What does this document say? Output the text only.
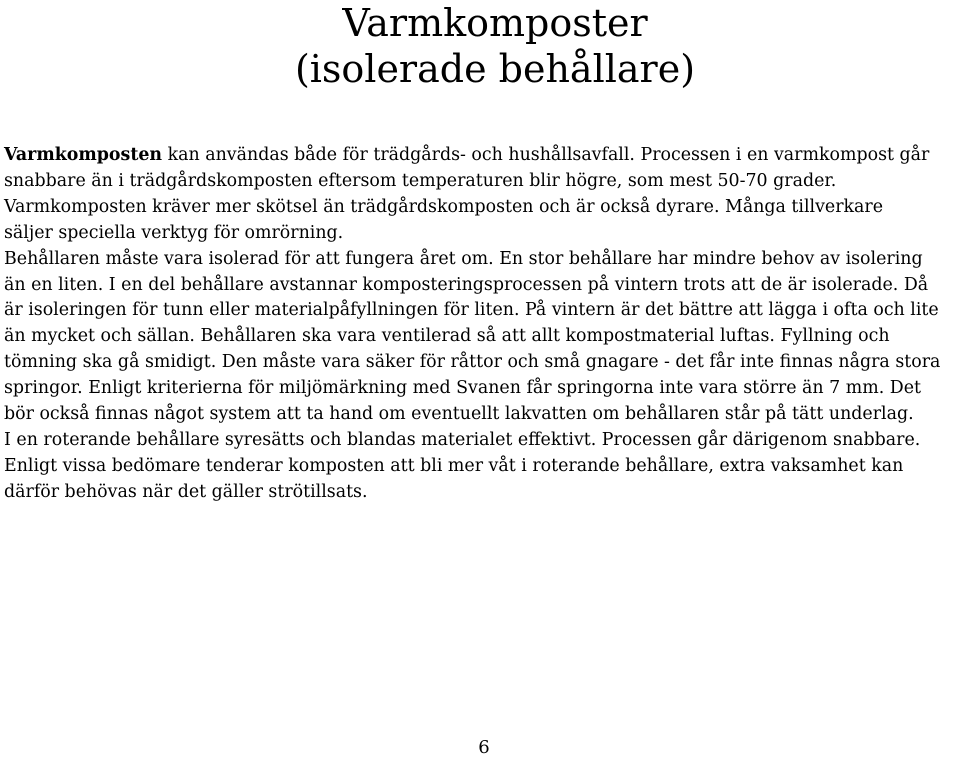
Varmkomposter
(isolerade behållare)
Varmkomposten kan användas både för trädgårds- och hushållsavfall. Processen i en varmkompost går
snabbare än i trädgårdskomposten eftersom temperaturen blir högre, som mest 50-70 grader.
Varmkomposten kräver mer skötsel än trädgårdskomposten och är också dyrare. Många tillverkare
säljer speciella verktyg för omrörning.
Behållaren måste vara isolerad för att fungera året om. En stor behållare har mindre behov av isolering
än en liten. I en del behållare avstannar komposteringsprocessen på vintern trots att de är isolerade. Då
är isoleringen för tunn eller materialpåfyllningen för liten. På vintern är det bättre att lägga i ofta och lite
än mycket och sällan. Behållaren ska vara ventilerad så att allt kompostmaterial luftas. Fyllning och
tömning ska gå smidigt. Den måste vara säker för råttor och små gnagare - det får inte finnas några stora
springor. Enligt kriterierna för miljömärkning med Svanen får springorna inte vara större än 7 mm. Det
bör också finnas något system att ta hand om eventuellt lakvatten om behållaren står på tätt underlag.
I en roterande behållare syresätts och blandas materialet effektivt. Processen går därigenom snabbare.
Enligt vissa bedömare tenderar komposten att bli mer våt i roterande behållare, extra vaksamhet kan
därför behövas när det gäller strötillsats.
6
